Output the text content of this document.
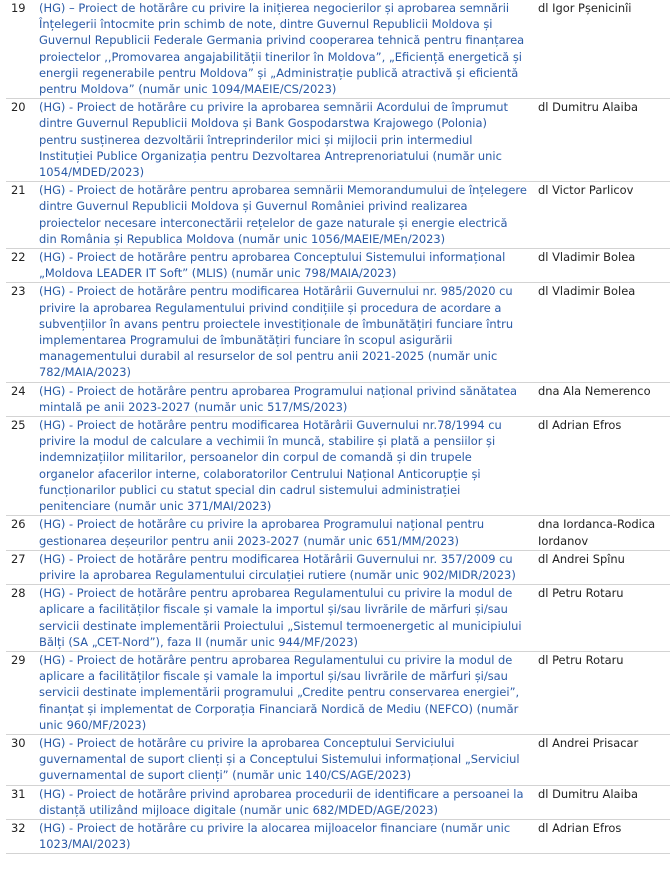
19	(HG) – Proiect de hotărâre cu privire la inițierea negocierilor și aprobarea semnării Înțelegerii întocmite prin schimb de note, dintre Guvernul Republicii Moldova și Guvernul Republicii Federale Germania privind cooperarea tehnică pentru finanțarea proiectelor ,,Promovarea angajabilității tinerilor în Moldova”, „Eficiență energetică și energii regenerabile pentru Moldova” și „Administrație publică atractivă și eficientă pentru Moldova” (număr unic 1094/MAEIE/CS/2023)	dl Igor Pșenicinîi
20	(HG) - Proiect de hotărâre cu privire la aprobarea semnării Acordului de împrumut dintre Guvernul Republicii Moldova și Bank Gospodarstwa Krajowego (Polonia) pentru susținerea dezvoltării întreprinderilor mici și mijlocii prin intermediul Instituției Publice Organizația pentru Dezvoltarea Antreprenoriatului (număr unic 1054/MDED/2023)	dl Dumitru Alaiba
21	(HG) - Proiect de hotărâre pentru aprobarea semnării Memorandumului de înțelegere dintre Guvernul Republicii Moldova și Guvernul României privind realizarea proiectelor necesare interconectării rețelelor de gaze naturale și energie electrică din România și Republica Moldova (număr unic 1056/MAEIE/MEn/2023)	dl Victor Parlicov
22	(HG) - Proiect de hotărâre pentru aprobarea Conceptului Sistemului informațional „Moldova LEADER IT Soft” (MLIS) (număr unic 798/MAIA/2023)	dl Vladimir Bolea
23	(HG) - Proiect de hotărâre pentru modificarea Hotărârii Guvernului nr. 985/2020 cu privire la aprobarea Regulamentului privind condițiile și procedura de acordare a subvențiilor în avans pentru proiectele investiționale de îmbunătățiri funciare întru implementarea Programului de îmbunătățiri funciare în scopul asigurării managementului durabil al resurselor de sol pentru anii 2021-2025 (număr unic 782/MAIA/2023)	dl Vladimir Bolea
24	(HG) - Proiect de hotărâre pentru aprobarea Programului național privind sănătatea mintală pe anii 2023-2027 (număr unic 517/MS/2023)	dna Ala Nemerenco
25	(HG) - Proiect de hotărâre pentru modificarea Hotărârii Guvernului nr.78/1994 cu privire la modul de calculare a vechimii în muncă, stabilire și plată a pensiilor și indemnizațiilor militarilor, persoanelor din corpul de comandă și din trupele organelor afacerilor interne, colaboratorilor Centrului Național Anticorupție și funcționarilor publici cu statut special din cadrul sistemului administrației penitenciare (număr unic 371/MAI/2023)	dl Adrian Efros
26	(HG) - Proiect de hotărâre cu privire la aprobarea Programului național pentru gestionarea deșeurilor pentru anii 2023-2027 (număr unic 651/MM/2023)	dna Iordanca-Rodica Iordanov
27	(HG) - Proiect de hotărâre pentru modificarea Hotărârii Guvernului nr. 357/2009 cu privire la aprobarea Regulamentului circulației rutiere (număr unic 902/MIDR/2023)	dl Andrei Spînu
28	(HG) - Proiect de hotărâre pentru aprobarea Regulamentului cu privire la modul de aplicare a facilităților fiscale și vamale la importul și/sau livrările de mărfuri și/sau servicii destinate implementării Proiectului „Sistemul termoenergetic al municipiului Bălți (SA „CET-Nord”), faza II (număr unic 944/MF/2023)	dl Petru Rotaru
29	(HG) - Proiect de hotărâre pentru aprobarea Regulamentului cu privire la modul de aplicare a facilităților fiscale și vamale la importul și/sau livrările de mărfuri și/sau servicii destinate implementării programului „Credite pentru conservarea energiei”, finanțat și implementat de Corporația Financiară Nordică de Mediu (NEFCO) (număr unic 960/MF/2023)	dl Petru Rotaru
30	(HG) - Proiect de hotărâre cu privire la aprobarea Conceptului Serviciului guvernamental de suport clienți și a Conceptului Sistemului informațional „Serviciul guvernamental de suport clienți” (număr unic 140/CS/AGE/2023)	dl Andrei Prisacar
31	(HG) - Proiect de hotărâre privind aprobarea procedurii de identificare a persoanei la distanță utilizând mijloace digitale (număr unic 682/MDED/AGE/2023)	dl Dumitru Alaiba
32	(HG) - Proiect de hotărâre cu privire la alocarea mijloacelor financiare (număr unic 1023/MAI/2023)	dl Adrian Efros
